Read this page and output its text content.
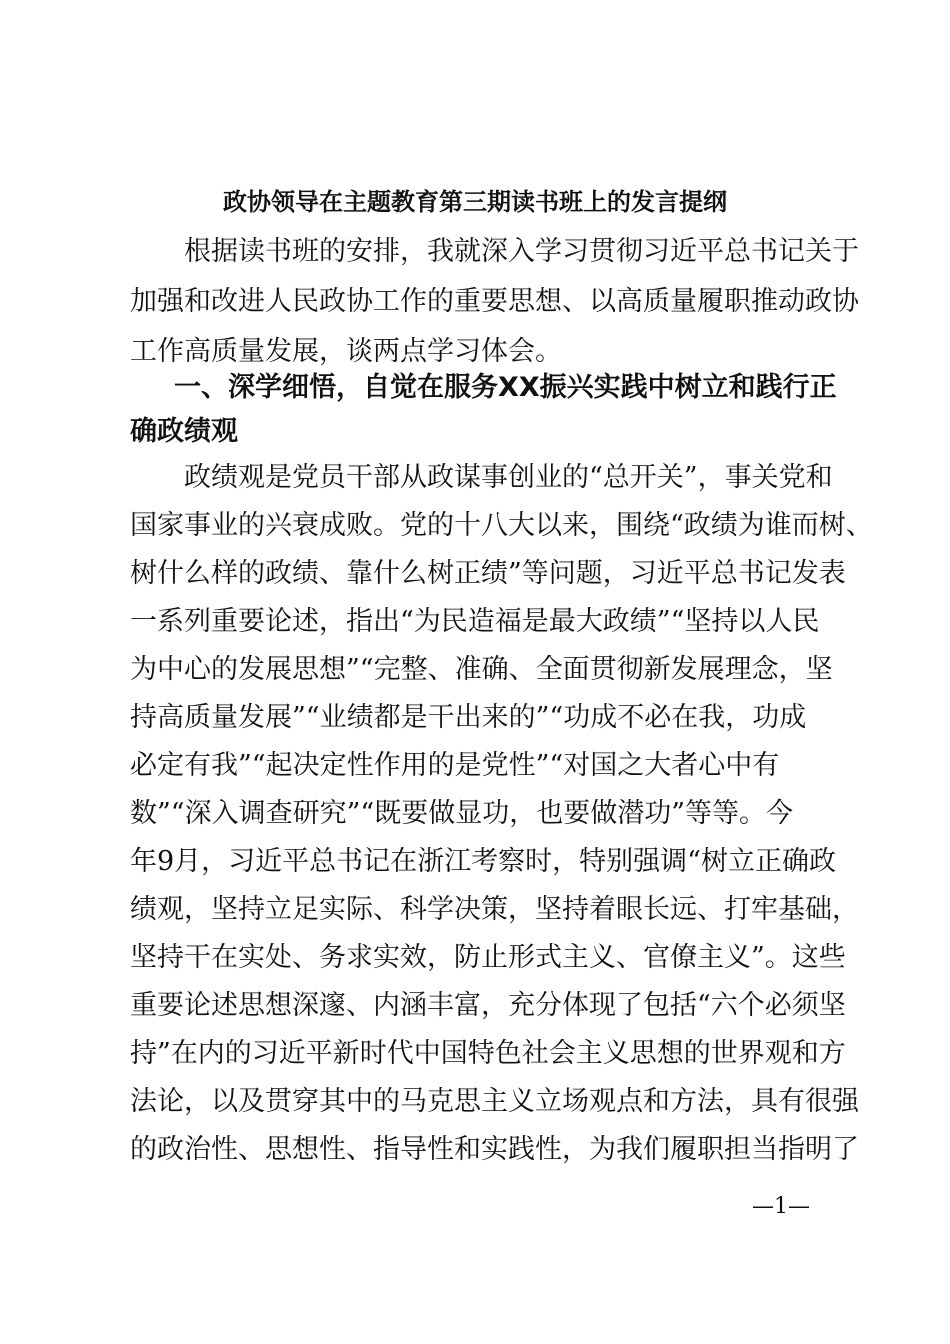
政协领导在主题教育第三期读书班上的发言提纲
根据读书班的安排，我就深入学习贯彻习近平总书记关于
加强和改进人民政协工作的重要思想、以高质量履职推动政协
工作高质量发展，谈两点学习体会。
一、深学细悟，自觉在服务XX振兴实践中树立和践行正
确政绩观
政绩观是党员干部从政谋事创业的“总开关”，事关党和
国家事业的兴衰成败。党的十八大以来，围绕“政绩为谁而树、
树什么样的政绩、靠什么树正绩”等问题，习近平总书记发表
一系列重要论述，指出“为民造福是最大政绩”“坚持以人民
为中心的发展思想”“完整、准确、全面贯彻新发展理念，坚
持高质量发展”“业绩都是干出来的”“功成不必在我，功成
必定有我”“起决定性作用的是党性”“对国之大者心中有
数”“深入调查研究”“既要做显功，也要做潜功”等等。今
年9月，习近平总书记在浙江考察时，特别强调“树立正确政
绩观，坚持立足实际、科学决策，坚持着眼长远、打牢基础，
坚持干在实处、务求实效，防止形式主义、官僚主义”。这些
重要论述思想深邃、内涵丰富，充分体现了包括“六个必须坚
持”在内的习近平新时代中国特色社会主义思想的世界观和方
法论，以及贯穿其中的马克思主义立场观点和方法，具有很强
的政治性、思想性、指导性和实践性，为我们履职担当指明了
—1—
